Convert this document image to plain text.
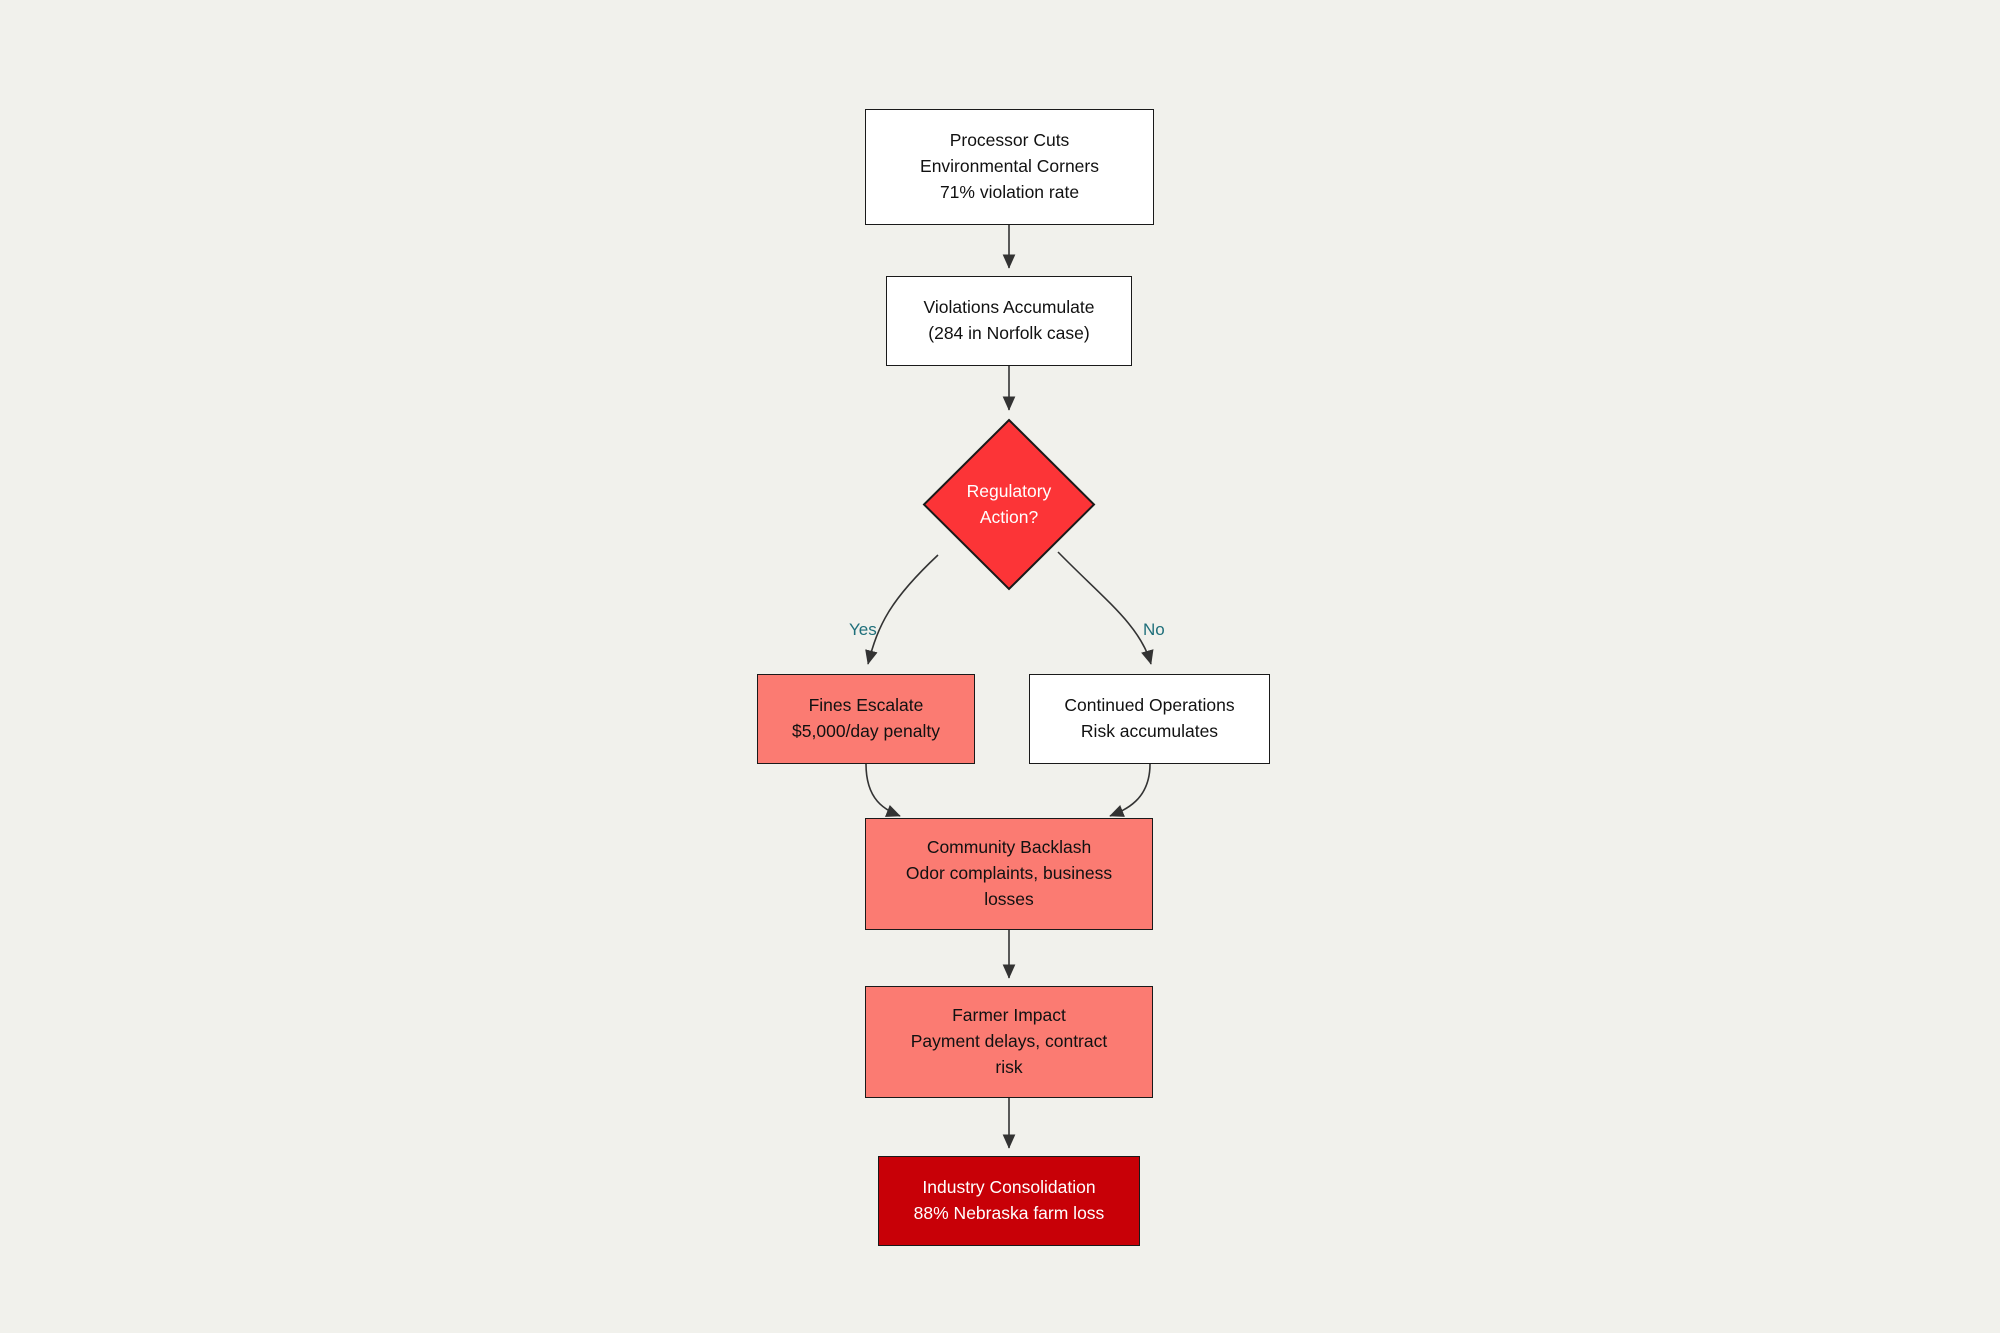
Processor Cuts
Environmental Corners
71% violation rate
Violations Accumulate
(284 in Norfolk case)
Regulatory
Action?
Yes	No
Fines Escalate
$5,000/day penalty
Continued Operations
Risk accumulates
Community Backlash
Odor complaints, business
losses
Farmer Impact
Payment delays, contract
risk
Industry Consolidation
88% Nebraska farm loss
